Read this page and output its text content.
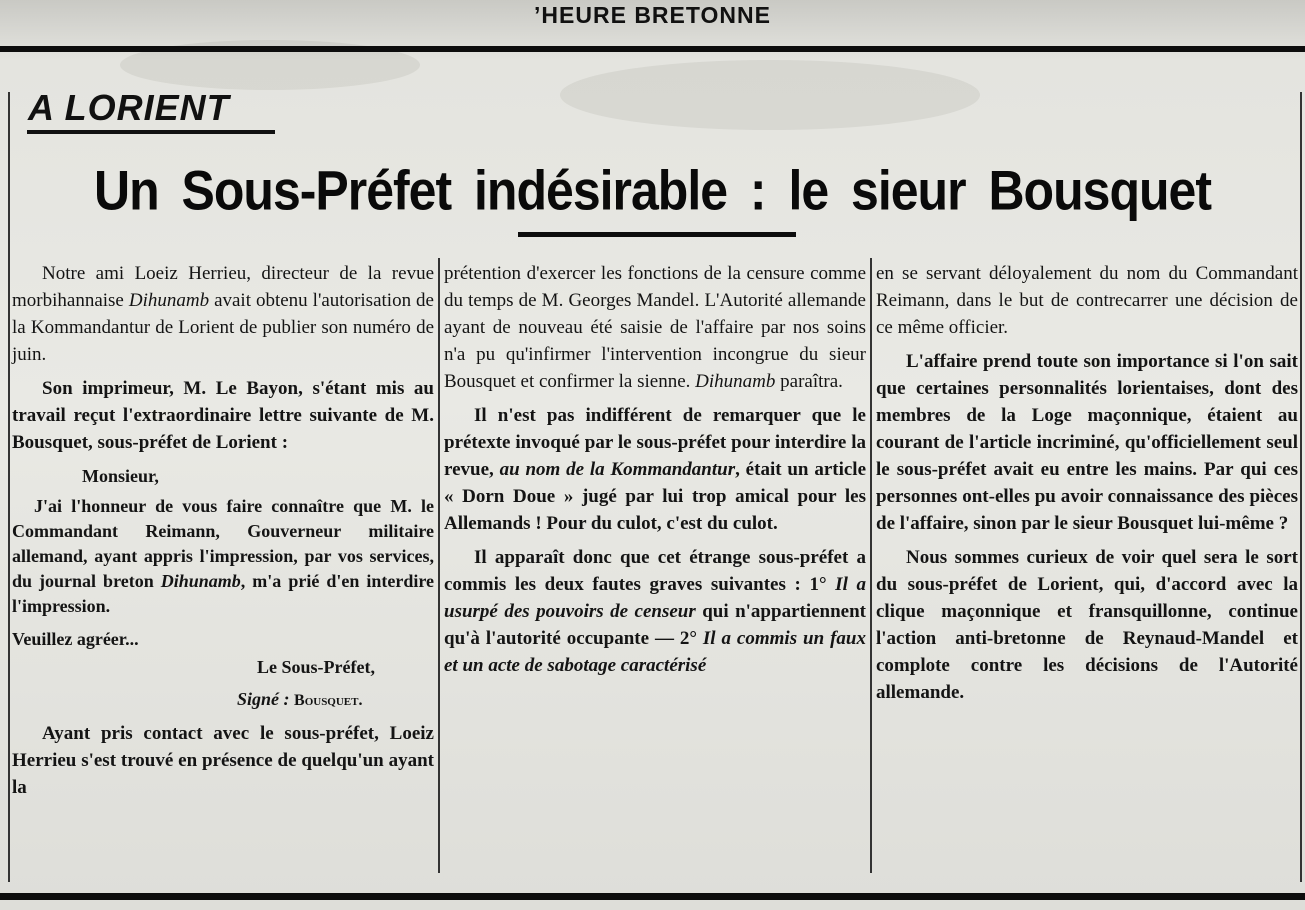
ʼHEURE BRETONNE
A LORIENT
Un Sous-Préfet indésirable : le sieur Bousquet

Notre ami Loeiz Herrieu, directeur de la revue morbihannaise Dihunamb avait obtenu l'autorisation de la Kommandantur de Lorient de publier son numéro de juin.

Son imprimeur, M. Le Bayon, s'étant mis au travail reçut l'extraordinaire lettre suivante de M. Bousquet, sous-préfet de Lorient :

Monsieur,

J'ai l'honneur de vous faire connaître que M. le Commandant Reimann, Gouverneur militaire allemand, ayant appris l'impression, par vos services, du journal breton Dihunamb, m'a prié d'en interdire l'impression.

Veuillez agréer...

Le Sous-Préfet,

Signé : Bousquet.

Ayant pris contact avec le sous-préfet, Loeiz Herrieu s'est trouvé en présence de quelqu'un ayant la

prétention d'exercer les fonctions de la censure comme du temps de M. Georges Mandel. L'Autorité allemande ayant de nouveau été saisie de l'affaire par nos soins n'a pu qu'infirmer l'intervention incongrue du sieur Bousquet et confirmer la sienne. Dihunamb paraîtra.

Il n'est pas indifférent de remarquer que le prétexte invoqué par le sous-préfet pour interdire la revue, au nom de la Kommandantur, était un article « Dorn Doue » jugé par lui trop amical pour les Allemands ! Pour du culot, c'est du culot.

Il apparaît donc que cet étrange sous-préfet a commis les deux fautes graves suivantes : 1° Il a usurpé des pouvoirs de censeur qui n'appartiennent qu'à l'autorité occupante — 2° Il a commis un faux et un acte de sabotage caractérisé

en se servant déloyalement du nom du Commandant Reimann, dans le but de contrecarrer une décision de ce même officier.

L'affaire prend toute son importance si l'on sait que certaines personnalités lorientaises, dont des membres de la Loge maçonnique, étaient au courant de l'article incriminé, qu'officiellement seul le sous-préfet avait eu entre les mains. Par qui ces personnes ont-elles pu avoir connaissance des pièces de l'affaire, sinon par le sieur Bousquet lui-même ?

Nous sommes curieux de voir quel sera le sort du sous-préfet de Lorient, qui, d'accord avec la clique maçonnique et fransquillonne, continue l'action anti-bretonne de Reynaud-Mandel et complote contre les décisions de l'Autorité allemande.
